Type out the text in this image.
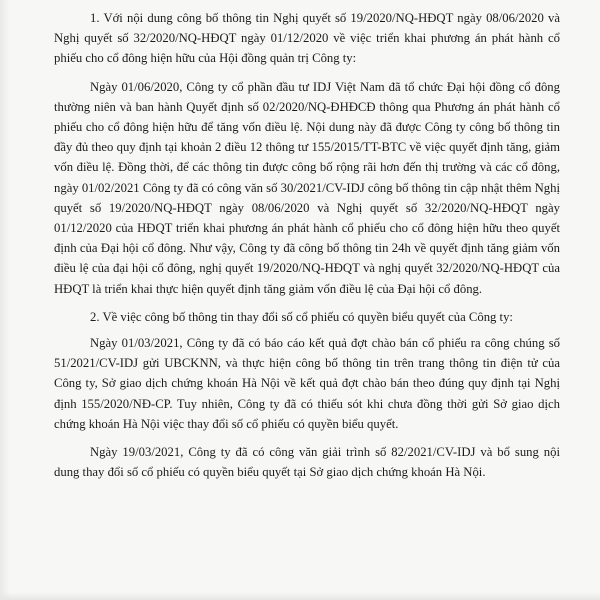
1. Với nội dung công bố thông tin Nghị quyết số 19/2020/NQ-HĐQT ngày 08/06/2020 và Nghị quyết số 32/2020/NQ-HĐQT ngày 01/12/2020 về việc triển khai phương án phát hành cổ phiếu cho cổ đông hiện hữu của Hội đồng quản trị Công ty:

Ngày 01/06/2020, Công ty cổ phần đầu tư IDJ Việt Nam đã tổ chức Đại hội đồng cổ đông thường niên và ban hành Quyết định số 02/2020/NQ-ĐHĐCĐ thông qua Phương án phát hành cổ phiếu cho cổ đông hiện hữu để tăng vốn điều lệ. Nội dung này đã được Công ty công bố thông tin đầy đủ theo quy định tại khoản 2 điều 12 thông tư 155/2015/TT-BTC về việc quyết định tăng, giảm vốn điều lệ. Đồng thời, để các thông tin được công bố rộng rãi hơn đến thị trường và các cổ đông, ngày 01/02/2021 Công ty đã có công văn số 30/2021/CV-IDJ công bố thông tin cập nhật thêm Nghị quyết số 19/2020/NQ-HĐQT ngày 08/06/2020 và Nghị quyết số 32/2020/NQ-HĐQT ngày 01/12/2020 của HĐQT triển khai phương án phát hành cổ phiếu cho cổ đông hiện hữu theo quyết định của Đại hội cổ đông. Như vậy, Công ty đã công bố thông tin 24h về quyết định tăng giảm vốn điều lệ của đại hội cổ đông, nghị quyết 19/2020/NQ-HĐQT và nghị quyết 32/2020/NQ-HĐQT của HĐQT là triển khai thực hiện quyết định tăng giảm vốn điều lệ của Đại hội cổ đông.

2. Về việc công bố thông tin thay đổi số cổ phiếu có quyền biểu quyết của Công ty:

Ngày 01/03/2021, Công ty đã có báo cáo kết quả đợt chào bán cổ phiếu ra công chúng số 51/2021/CV-IDJ gửi UBCKNN, và thực hiện công bố thông tin trên trang thông tin điện tử của Công ty, Sở giao dịch chứng khoán Hà Nội về kết quả đợt chào bán theo đúng quy định tại Nghị định 155/2020/NĐ-CP. Tuy nhiên, Công ty đã có thiếu sót khi chưa đồng thời gửi Sở giao dịch chứng khoán Hà Nội việc thay đổi số cổ phiếu có quyền biểu quyết.

Ngày 19/03/2021, Công ty đã có công văn giải trình số 82/2021/CV-IDJ và bổ sung nội dung thay đổi số cổ phiếu có quyền biểu quyết tại Sở giao dịch chứng khoán Hà Nội.
